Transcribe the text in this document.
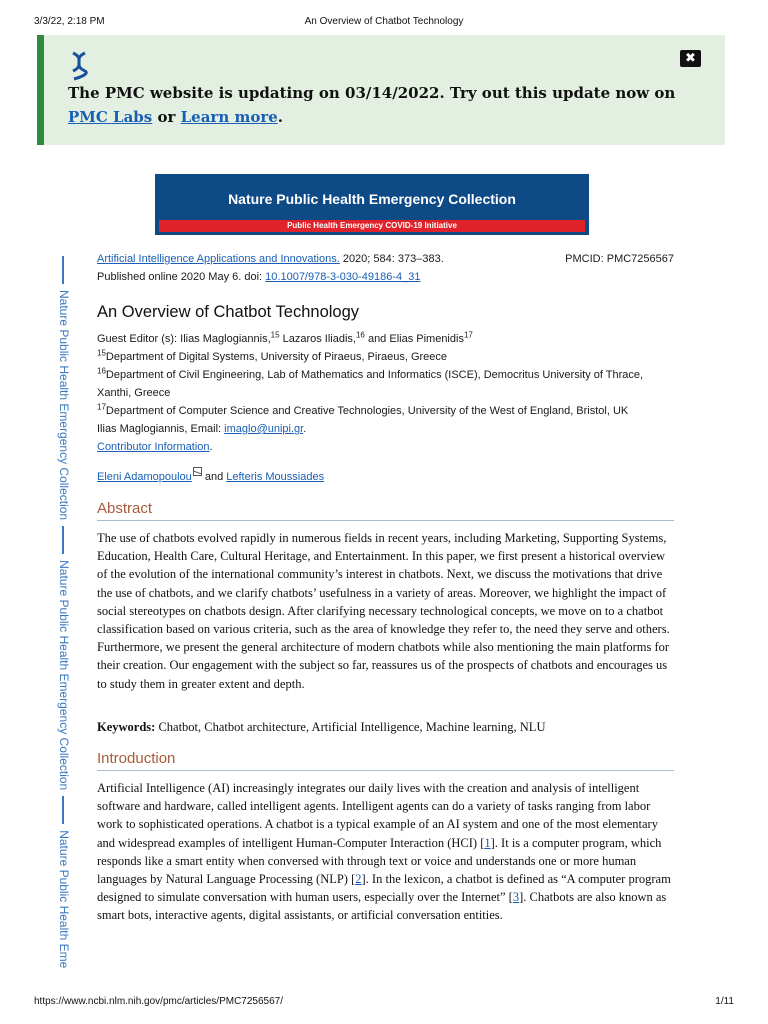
3/3/22, 2:18 PM	An Overview of Chatbot Technology
✖
The PMC website is updating on 03/14/2022. Try out this update now on PMC Labs or Learn more.
Nature Public Health Emergency Collection
Public Health Emergency COVID-19 Initiative
Nature Public Health Emergency CollectionNature Public Health Emergency CollectionNature Public Health Eme
Artificial Intelligence Applications and Innovations. 2020; 584: 373–383.	PMCID: PMC7256567
Published online 2020 May 6. doi: 10.1007/978-3-030-49186-4_31
An Overview of Chatbot Technology
Guest Editor (s): Ilias Maglogiannis,$^{15}$ Lazaros Iliadis,$^{16}$ and Elias Pimenidis$^{17}$
$^{15}$Department of Digital Systems, University of Piraeus, Piraeus, Greece
$^{16}$Department of Civil Engineering, Lab of Mathematics and Informatics (ISCE), Democritus University of Thrace, Xanthi, Greece
$^{17}$Department of Computer Science and Creative Technologies, University of the West of England, Bristol, UK
Ilias Maglogiannis, Email: imaglo@unipi.gr.
Contributor Information.
Eleni Adamopoulou and Lefteris Moussiades
Abstract
The use of chatbots evolved rapidly in numerous fields in recent years, including Marketing, Supporting Systems, Education, Health Care, Cultural Heritage, and Entertainment. In this paper, we first present a historical overview of the evolution of the international community’s interest in chatbots. Next, we discuss the motivations that drive the use of chatbots, and we clarify chatbots’ usefulness in a variety of areas. Moreover, we highlight the impact of social stereotypes on chatbots design. After clarifying necessary technological concepts, we move on to a chatbot classification based on various criteria, such as the area of knowledge they refer to, the need they serve and others. Furthermore, we present the general architecture of modern chatbots while also mentioning the main platforms for their creation. Our engagement with the subject so far, reassures us of the prospects of chatbots and encourages us to study them in greater extent and depth.
Keywords: Chatbot, Chatbot architecture, Artificial Intelligence, Machine learning, NLU
Introduction
Artificial Intelligence (AI) increasingly integrates our daily lives with the creation and analysis of intelligent software and hardware, called intelligent agents. Intelligent agents can do a variety of tasks ranging from labor work to sophisticated operations. A chatbot is a typical example of an AI system and one of the most elementary and widespread examples of intelligent Human-Computer Interaction (HCI) [1]. It is a computer program, which responds like a smart entity when conversed with through text or voice and understands one or more human languages by Natural Language Processing (NLP) [2]. In the lexicon, a chatbot is defined as “A computer program designed to simulate conversation with human users, especially over the Internet” [3]. Chatbots are also known as smart bots, interactive agents, digital assistants, or artificial conversation entities.
https://www.ncbi.nlm.nih.gov/pmc/articles/PMC7256567/	1/11
